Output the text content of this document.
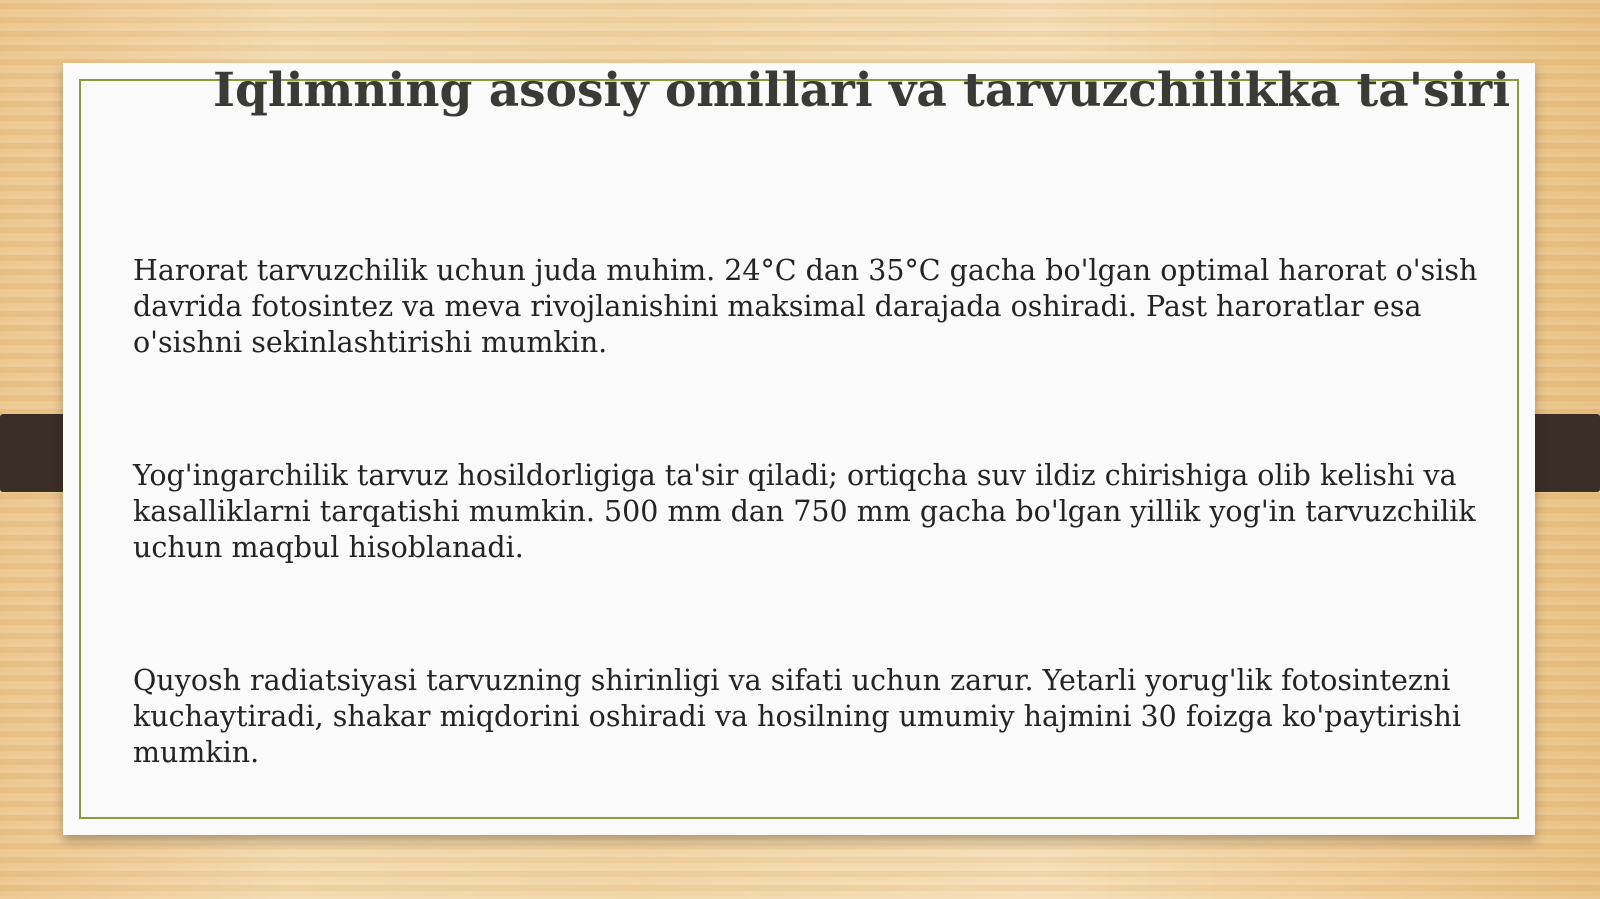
Iqlimning asosiy omillari va tarvuzchilikka ta'siri

Harorat tarvuzchilik uchun juda muhim. 24°C dan 35°C gacha bo'lgan optimal harorat o'sish davrida fotosintez va meva rivojlanishini maksimal darajada oshiradi. Past haroratlar esa o'sishni sekinlashtirishi mumkin.

Yog'ingarchilik tarvuz hosildorligiga ta'sir qiladi; ortiqcha suv ildiz chirishiga olib kelishi va kasalliklarni tarqatishi mumkin. 500 mm dan 750 mm gacha bo'lgan yillik yog'in tarvuzchilik uchun maqbul hisoblanadi.

Quyosh radiatsiyasi tarvuzning shirinligi va sifati uchun zarur. Yetarli yorug'lik fotosintezni kuchaytiradi, shakar miqdorini oshiradi va hosilning umumiy hajmini 30 foizga ko'paytirishi mumkin.
